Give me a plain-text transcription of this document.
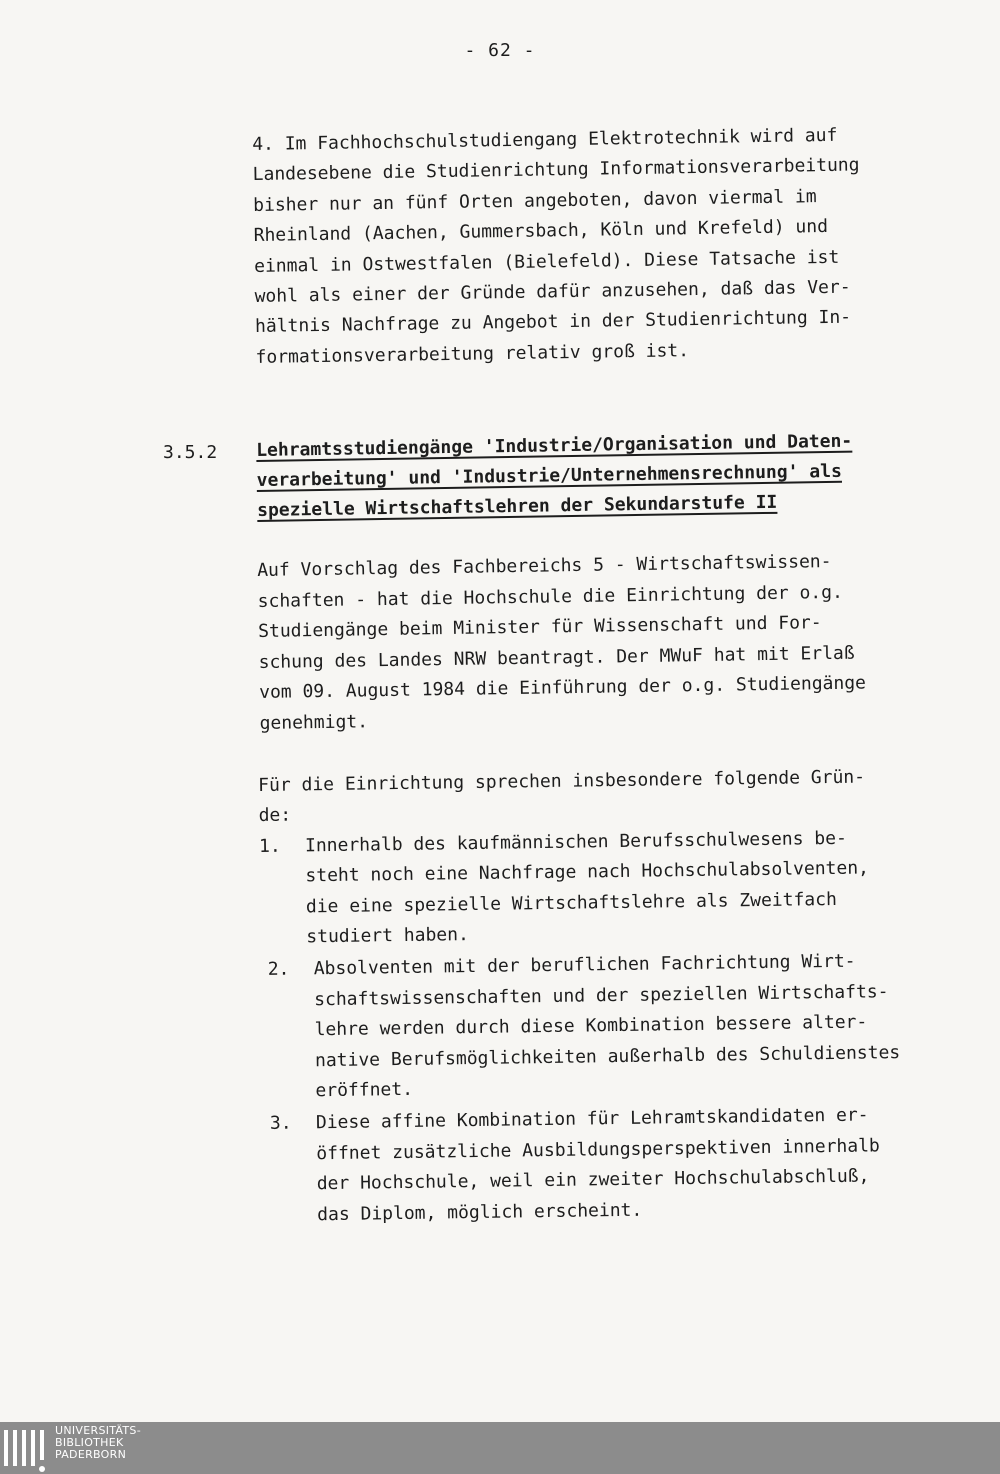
- 62 -
4. Im Fachhochschulstudiengang Elektrotechnik wird auf
Landesebene die Studienrichtung Informationsverarbeitung
bisher nur an fünf Orten angeboten, davon viermal im
Rheinland (Aachen, Gummersbach, Köln und Krefeld) und
einmal in Ostwestfalen (Bielefeld). Diese Tatsache ist
wohl als einer der Gründe dafür anzusehen, daß das Ver-
hältnis Nachfrage zu Angebot in der Studienrichtung In-
formationsverarbeitung relativ groß ist.
3.5.2 Lehramtsstudiengänge 'Industrie/Organisation und Daten-
verarbeitung' und 'Industrie/Unternehmensrechnung' als
spezielle Wirtschaftslehren der Sekundarstufe II
Auf Vorschlag des Fachbereichs 5 - Wirtschaftswissen-
schaften - hat die Hochschule die Einrichtung der o.g.
Studiengänge beim Minister für Wissenschaft und For-
schung des Landes NRW beantragt. Der MWuF hat mit Erlaß
vom 09. August 1984 die Einführung der o.g. Studiengänge
genehmigt.
Für die Einrichtung sprechen insbesondere folgende Grün-
de:
1. Innerhalb des kaufmännischen Berufsschulwesens be-
steht noch eine Nachfrage nach Hochschulabsolventen,
die eine spezielle Wirtschaftslehre als Zweitfach
studiert haben.
2. Absolventen mit der beruflichen Fachrichtung Wirt-
schaftswissenschaften und der speziellen Wirtschafts-
lehre werden durch diese Kombination bessere alter-
native Berufsmöglichkeiten außerhalb des Schuldienstes
eröffnet.
3. Diese affine Kombination für Lehramtskandidaten er-
öffnet zusätzliche Ausbildungsperspektiven innerhalb
der Hochschule, weil ein zweiter Hochschulabschluß,
das Diplom, möglich erscheint.
UNIVERSITÄTS-
BIBLIOTHEK
PADERBORN
